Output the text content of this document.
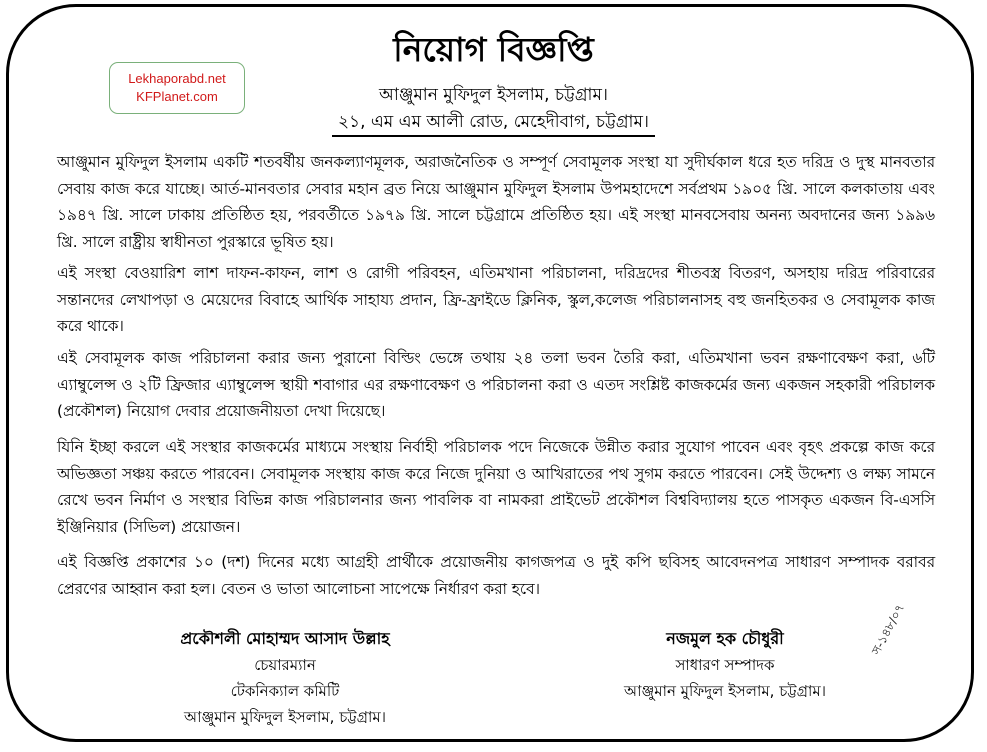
Lekhaporabd.net
KFPlanet.com
নিয়োগ বিজ্ঞপ্তি
আঞ্জুমান মুফিদুল ইসলাম, চট্টগ্রাম।
২১, এম এম আলী রোড, মেহেদীবাগ, চট্টগ্রাম।

আঞ্জুমান মুফিদুল ইসলাম একটি শতবর্ষীয় জনকল্যাণমূলক, অরাজনৈতিক ও সম্পূর্ণ সেবামূলক সংস্থা যা সুদীর্ঘকাল ধরে হত দরিদ্র ও দুস্থ মানবতার সেবায় কাজ করে যাচ্ছে। আর্ত-মানবতার সেবার মহান ব্রত নিয়ে আঞ্জুমান মুফিদুল ইসলাম উপমহাদেশে সর্বপ্রথম ১৯০৫ খ্রি. সালে কলকাতায় এবং ১৯৪৭ খ্রি. সালে ঢাকায় প্রতিষ্ঠিত হয়, পরবর্তীতে ১৯৭৯ খ্রি. সালে চট্টগ্রামে প্রতিষ্ঠিত হয়। এই সংস্থা মানবসেবায় অনন্য অবদানের জন্য ১৯৯৬ খ্রি. সালে রাষ্ট্রীয় স্বাধীনতা পুরস্কারে ভূষিত হয়।

এই সংস্থা বেওয়ারিশ লাশ দাফন-কাফন, লাশ ও রোগী পরিবহন, এতিমখানা পরিচালনা, দরিদ্রদের শীতবস্ত্র বিতরণ, অসহায় দরিদ্র পরিবারের সন্তানদের লেখাপড়া ও মেয়েদের বিবাহে আর্থিক সাহায্য প্রদান, ফ্রি-ফ্রাইডে ক্লিনিক, স্কুল,কলেজ পরিচালনাসহ বহু জনহিতকর ও সেবামূলক কাজ করে থাকে।

এই সেবামূলক কাজ পরিচালনা করার জন্য পুরানো বিল্ডিং ভেঙ্গে তথায় ২৪ তলা ভবন তৈরি করা, এতিমখানা ভবন রক্ষণাবেক্ষণ করা, ৬টি এ্যাম্বুলেন্স ও ২টি ফ্রিজার এ্যাম্বুলেন্স স্থায়ী শবাগার এর রক্ষণাবেক্ষণ ও পরিচালনা করা ও এতদ সংশ্লিষ্ট কাজকর্মের জন্য একজন সহকারী পরিচালক (প্রকৌশল) নিয়োগ দেবার প্রয়োজনীয়তা দেখা দিয়েছে।

যিনি ইচ্ছা করলে এই সংস্থার কাজকর্মের মাধ্যমে সংস্থায় নির্বাহী পরিচালক পদে নিজেকে উন্নীত করার সুযোগ পাবেন এবং বৃহৎ প্রকল্পে কাজ করে অভিজ্ঞতা সঞ্চয় করতে পারবেন। সেবামূলক সংস্থায় কাজ করে নিজে দুনিয়া ও আখিরাতের পথ সুগম করতে পারবেন। সেই উদ্দেশ্য ও লক্ষ্য সামনে রেখে ভবন নির্মাণ ও সংস্থার বিভিন্ন কাজ পরিচালনার জন্য পাবলিক বা নামকরা প্রাইভেট প্রকৌশল বিশ্ববিদ্যালয় হতে পাসকৃত একজন বি-এসসি ইঞ্জিনিয়ার (সিভিল) প্রয়োজন।

এই বিজ্ঞপ্তি প্রকাশের ১০ (দশ) দিনের মধ্যে আগ্রহী প্রার্থীকে প্রয়োজনীয় কাগজপত্র ও দুই কপি ছবিসহ আবেদনপত্র সাধারণ সম্পাদক বরাবর প্রেরণের আহ্বান করা হল। বেতন ও ভাতা আলোচনা সাপেক্ষে নির্ধারণ করা হবে।

প্রকৌশলী মোহাম্মদ আসাদ উল্লাহ
চেয়ারম্যান
টেকনিক্যাল কমিটি
আঞ্জুমান মুফিদুল ইসলাম, চট্টগ্রাম।
নজমুল হক চৌধুরী
সাধারণ সম্পাদক
আঞ্জুমান মুফিদুল ইসলাম, চট্টগ্রাম।
স-১৪৮/০৭
